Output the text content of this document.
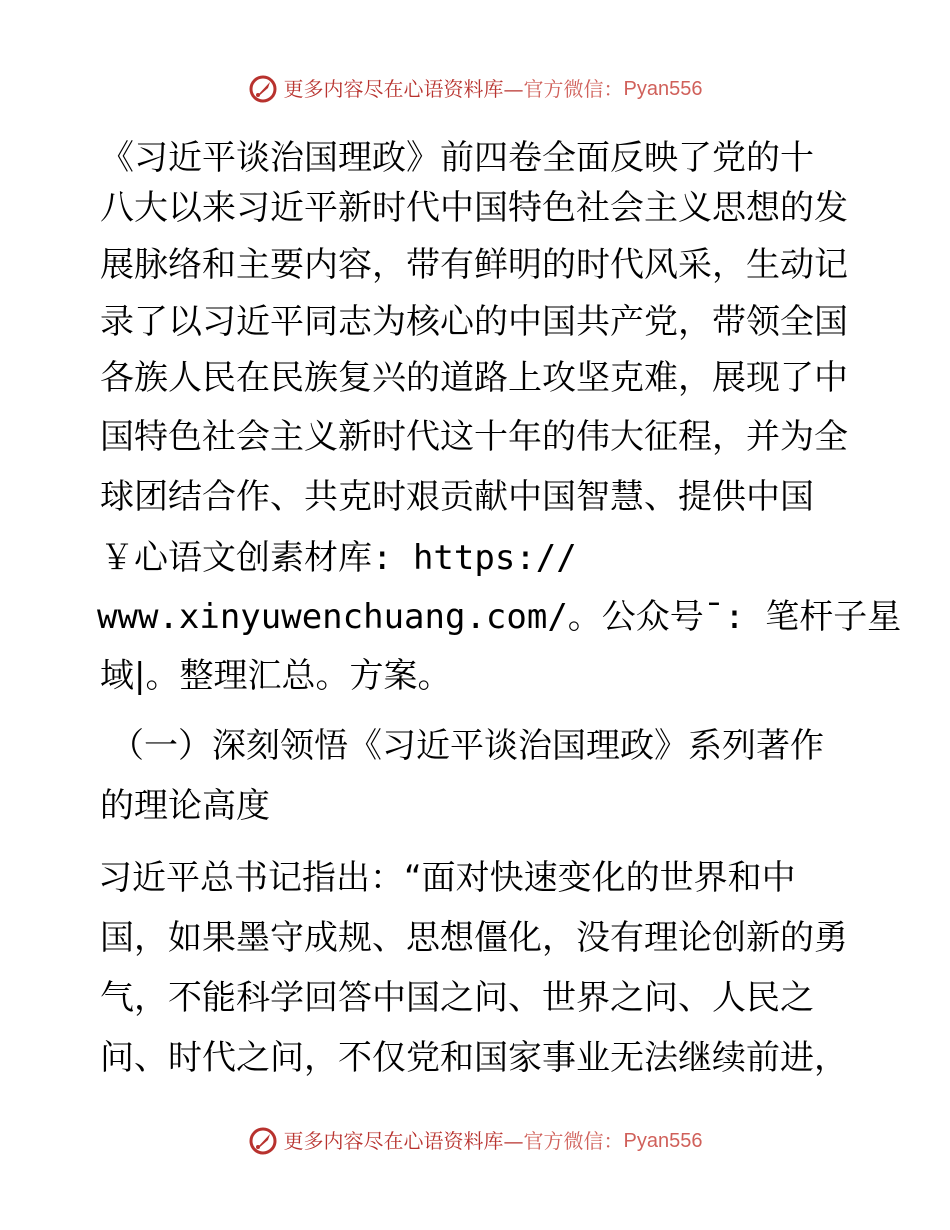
更多内容尽在心语资料库 — 官方微信： Pyan556
《习近平谈治国理政》前四卷全面反映了党的十
八大以来习近平新时代中国特色社会主义思想的发
展脉络和主要内容，带有鲜明的时代风采，生动记
录了以习近平同志为核心的中国共产党，带领全国
各族人民在民族复兴的道路上攻坚克难，展现了中
国特色社会主义新时代这十年的伟大征程，并为全
球团结合作、共克时艰贡献中国智慧、提供中国
￥心语文创素材库: https://
www.xinyuwenchuang.com/。公众号¯: 笔杆子星
域|。整理汇总。方案。
（一）深刻领悟《习近平谈治国理政》系列著作
的理论高度
习近平总书记指出：“面对快速变化的世界和中
国，如果墨守成规、思想僵化，没有理论创新的勇
气，不能科学回答中国之问、世界之问、人民之
问、时代之问，不仅党和国家事业无法继续前进，
更多内容尽在心语资料库 — 官方微信： Pyan556
